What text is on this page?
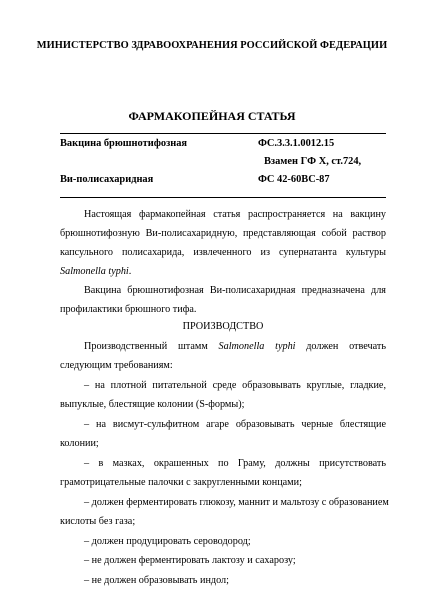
МИНИСТЕРСТВО ЗДРАВООХРАНЕНИЯ РОССИЙСКОЙ ФЕДЕРАЦИИ
ФАРМАКОПЕЙНАЯ СТАТЬЯ
Вакцина брюшнотифозная	ФС.3.3.1.0012.15
Взамен ГФ X, ст.724,
Ви-полисахаридная	ФС 42-60ВС-87
Настоящая фармакопейная статья распространяется на вакцину
брюшнотифозную Ви-полисахаридную, представляющая собой раствор
капсульного полисахарида, извлеченного из супернатанта культуры
Salmonella typhi.
Вакцина брюшнотифозная Ви-полисахаридная предназначена для
профилактики брюшного тифа.
ПРОИЗВОДСТВО
Производственный штамм Salmonella typhi должен отвечать
следующим требованиям:
– на плотной питательной среде образовывать круглые, гладкие,
выпуклые, блестящие колонии (S-формы);
– на висмут-сульфитном агаре образовывать черные блестящие
колонии;
– в мазках, окрашенных по Граму, должны присутствовать
грамотрицательные палочки с закругленными концами;
– должен ферментировать глюкозу, маннит и мальтозу с образованием
кислоты без газа;
– должен продуцировать сероводород;
– не должен ферментировать лактозу и сахарозу;
– не должен образовывать индол;
